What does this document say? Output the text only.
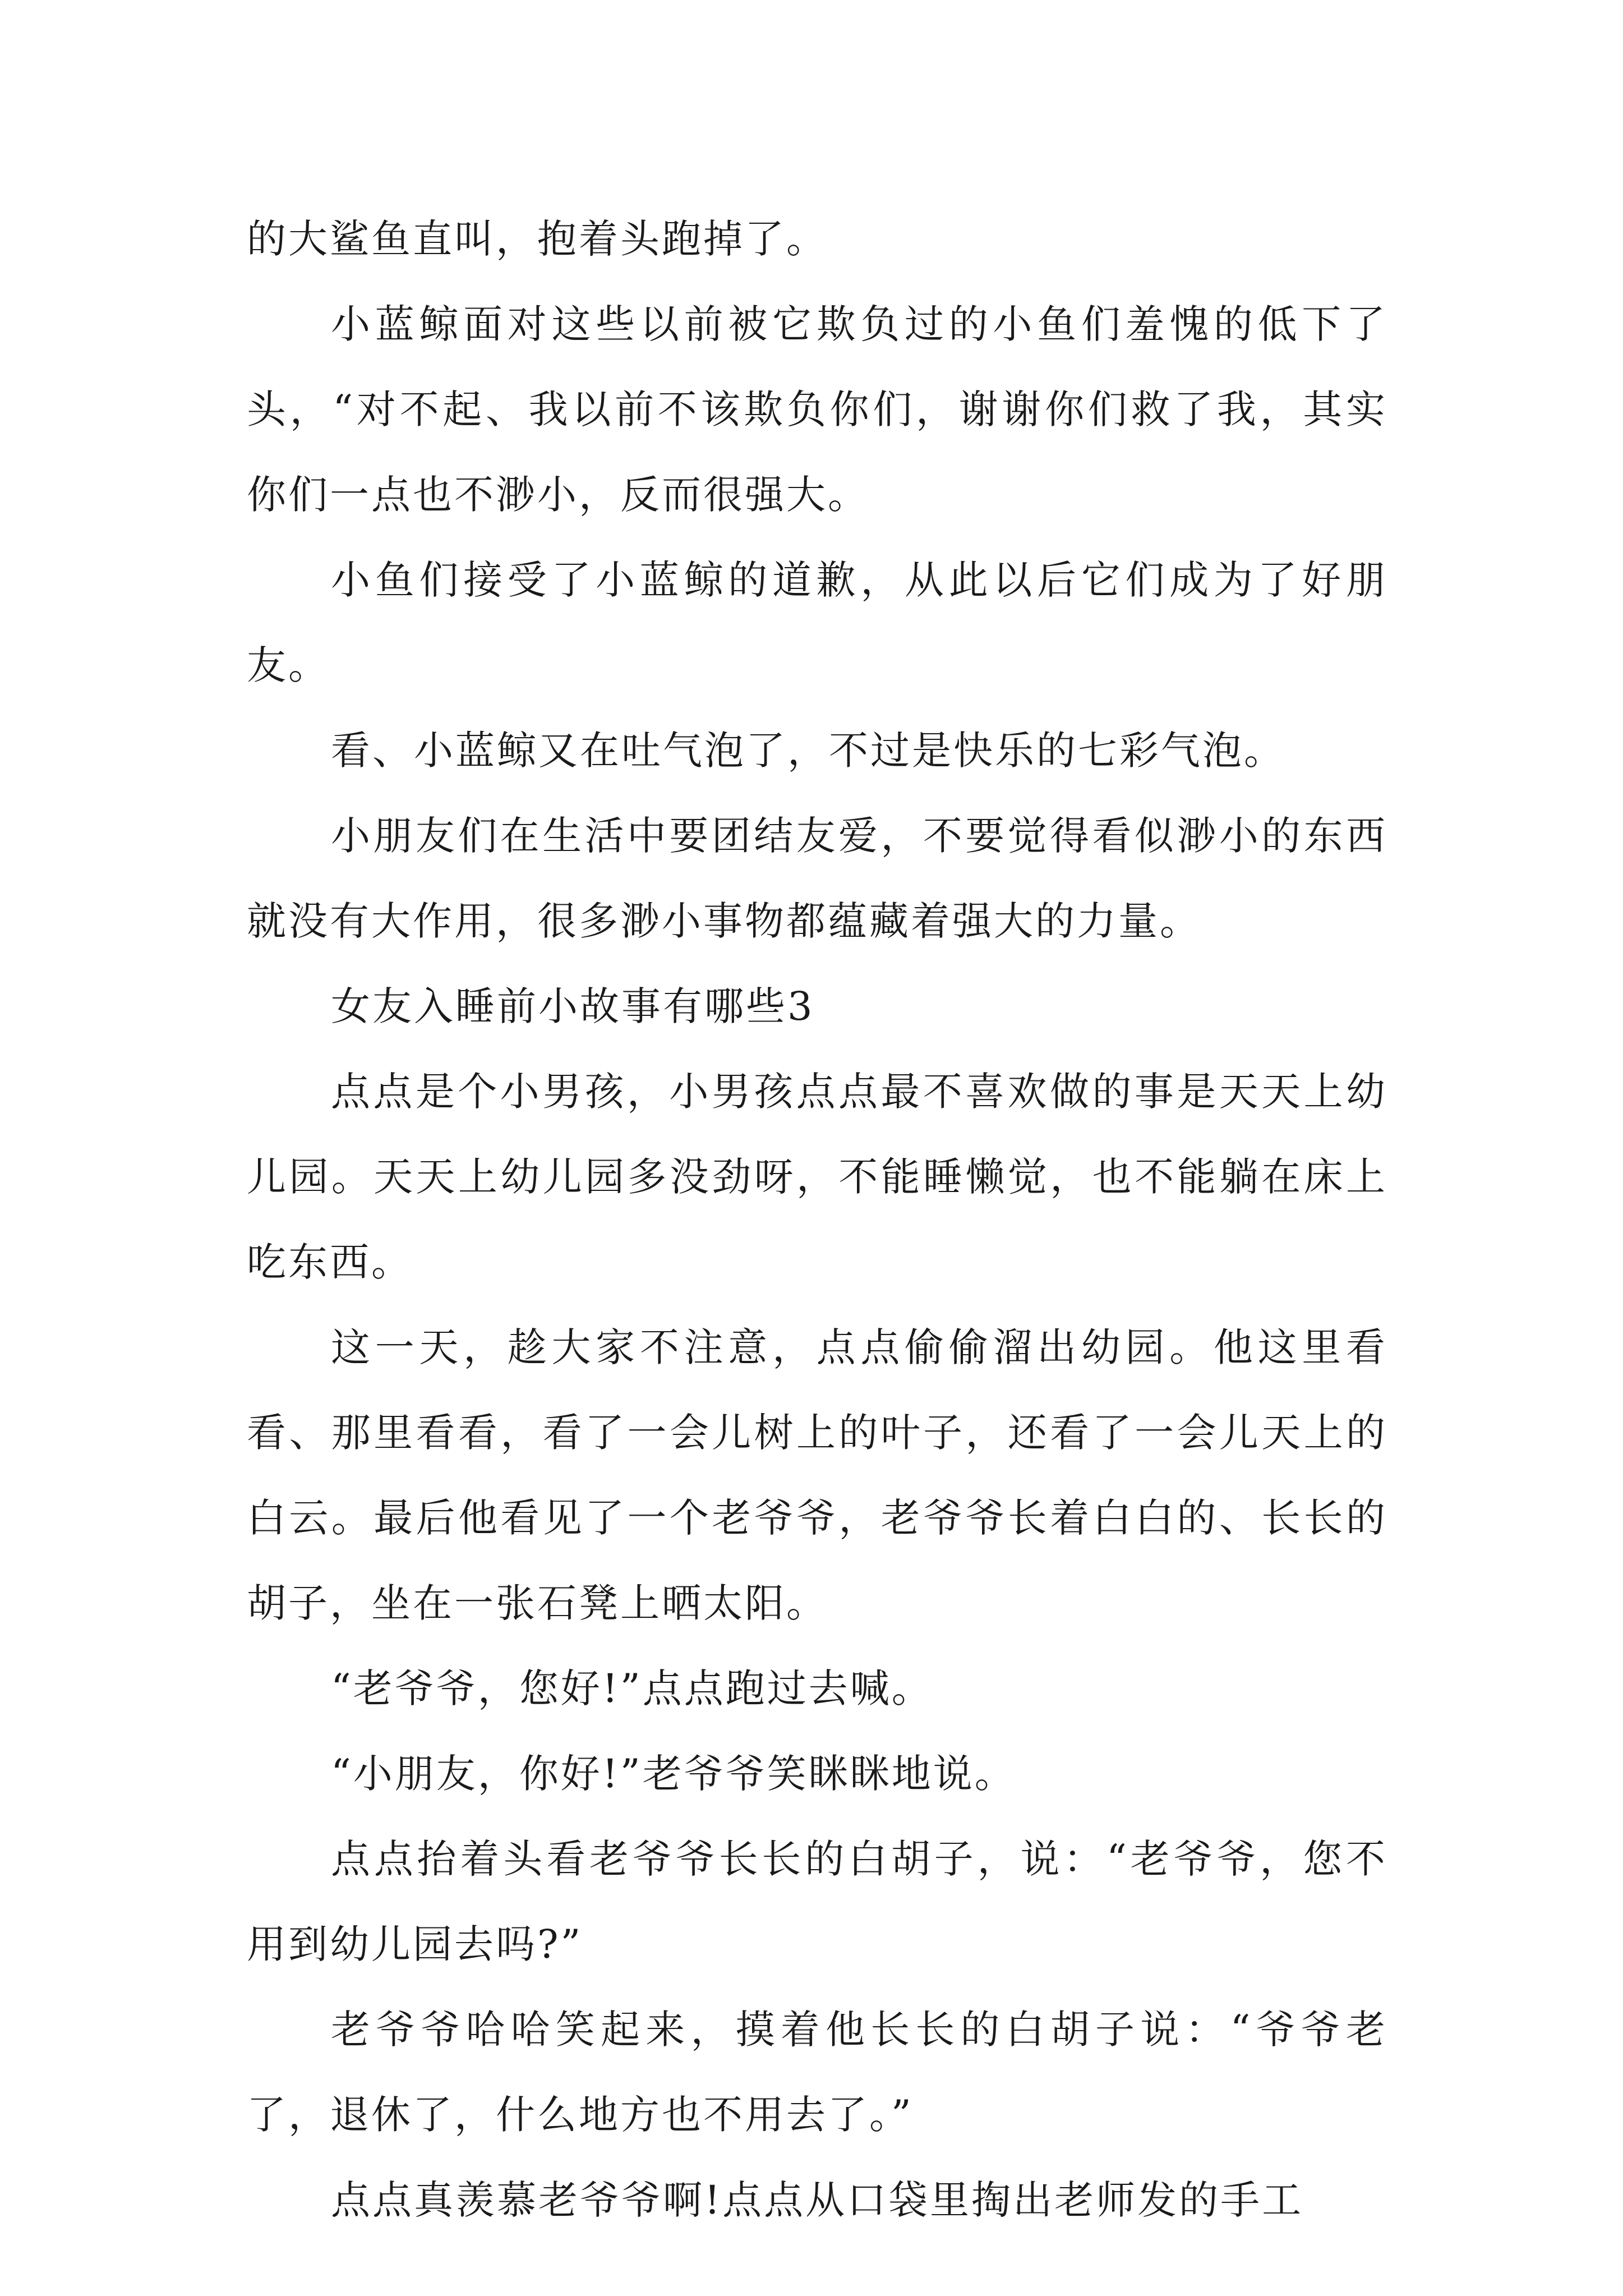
的大鲨鱼直叫，抱着头跑掉了。

小蓝鲸面对这些以前被它欺负过的小鱼们羞愧的低下了头，“对不起、我以前不该欺负你们，谢谢你们救了我，其实你们一点也不渺小，反而很强大。

小鱼们接受了小蓝鲸的道歉，从此以后它们成为了好朋友。

看、小蓝鲸又在吐气泡了，不过是快乐的七彩气泡。

小朋友们在生活中要团结友爱，不要觉得看似渺小的东西就没有大作用，很多渺小事物都蕴藏着强大的力量。

女友入睡前小故事有哪些3

点点是个小男孩，小男孩点点最不喜欢做的事是天天上幼儿园。天天上幼儿园多没劲呀，不能睡懒觉，也不能躺在床上吃东西。

这一天，趁大家不注意，点点偷偷溜出幼园。他这里看看、那里看看，看了一会儿树上的叶子，还看了一会儿天上的白云。最后他看见了一个老爷爷，老爷爷长着白白的、长长的胡子，坐在一张石凳上晒太阳。

“老爷爷，您好!”点点跑过去喊。

“小朋友，你好!”老爷爷笑眯眯地说。

点点抬着头看老爷爷长长的白胡子，说：“老爷爷，您不用到幼儿园去吗?”

老爷爷哈哈笑起来，摸着他长长的白胡子说：“爷爷老了，退休了，什么地方也不用去了。”

点点真羡慕老爷爷啊!点点从口袋里掏出老师发的手工
